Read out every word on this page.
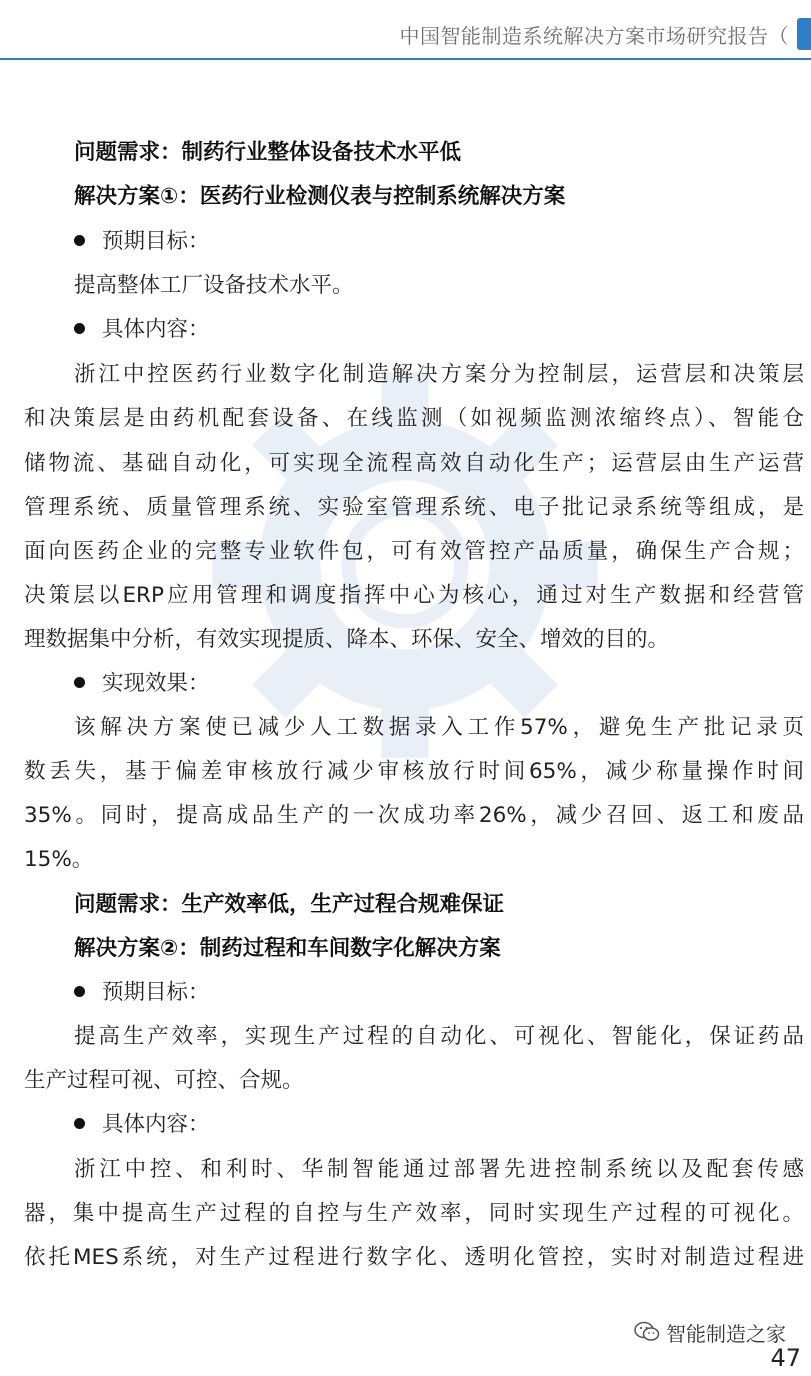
中国智能制造系统解决方案市场研究报告（
问题需求：制药行业整体设备技术水平低
解决方案①：医药行业检测仪表与控制系统解决方案
预期目标：
提高整体工厂设备技术水平。
具体内容：
浙江中控医药行业数字化制造解决方案分为控制层，运营层和决策层
和决策层是由药机配套设备、在线监测（如视频监测浓缩终点）、智能仓
储物流、基础自动化，可实现全流程高效自动化生产；运营层由生产运营
管理系统、质量管理系统、实验室管理系统、电子批记录系统等组成，是
面向医药企业的完整专业软件包，可有效管控产品质量，确保生产合规；
决策层以ERP应用管理和调度指挥中心为核心，通过对生产数据和经营管
理数据集中分析，有效实现提质、降本、环保、安全、增效的目的。
实现效果：
该解决方案使已减少人工数据录入工作57%，避免生产批记录页
数丢失，基于偏差审核放行减少审核放行时间65%，减少称量操作时间
35%。同时，提高成品生产的一次成功率26%，减少召回、返工和废品
15%。
问题需求：生产效率低，生产过程合规难保证
解决方案②：制药过程和车间数字化解决方案
预期目标：
提高生产效率，实现生产过程的自动化、可视化、智能化，保证药品
生产过程可视、可控、合规。
具体内容：
浙江中控、和利时、华制智能通过部署先进控制系统以及配套传感
器，集中提高生产过程的自控与生产效率，同时实现生产过程的可视化。
依托MES系统，对生产过程进行数字化、透明化管控，实时对制造过程进
智能制造之家
47
